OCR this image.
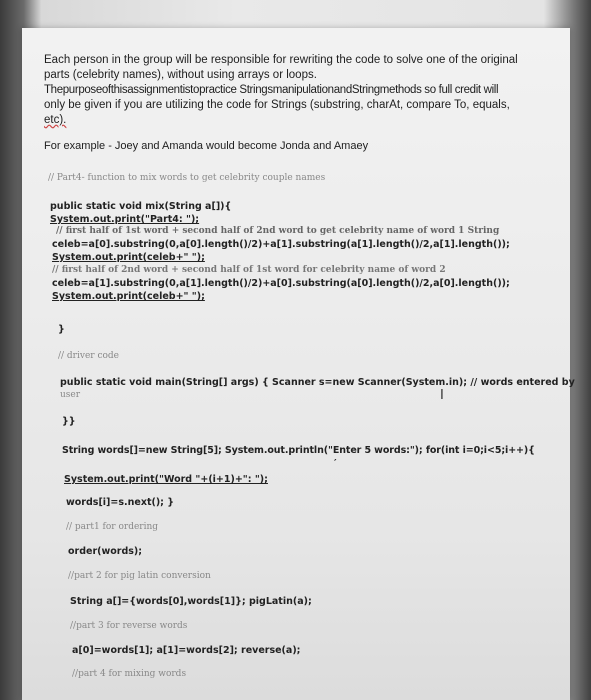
Each person in the group will be responsible for rewriting the code to solve one of the original
parts (celebrity names), without using arrays or loops.
Thepurposeofthisassignmentistopractice StringsmanipulationandStringmethods so full credit will
only be given if you are utilizing the code for Strings (substring, charAt, compare To, equals,
etc).
For example - Joey and Amanda would become Jonda and Amaey
// Part4- function to mix words to get celebrity couple names
public static void mix(String a[]){
System.out.print("Part4: ");
// first half of 1st word + second half of 2nd word to get celebrity name of word 1 String
celeb=a[0].substring(0,a[0].length()/2)+a[1].substring(a[1].length()/2,a[1].length());
System.out.print(celeb+" ");
// first half of 2nd word + second half of 1st word for celebrity name of word 2
celeb=a[1].substring(0,a[1].length()/2)+a[0].substring(a[0].length()/2,a[0].length());
System.out.print(celeb+" ");
}
// driver code
public static void main(String[] args) { Scanner s=new Scanner(System.in); // words entered by
user
}}
String words[]=new String[5]; System.out.println("Enter 5 words:"); for(int i=0;i<5;i++){
System.out.print("Word "+(i+1)+": ");
words[i]=s.next(); }
// part1 for ordering
order(words);
//part 2 for pig latin conversion
String a[]={words[0],words[1]}; pigLatin(a);
//part 3 for reverse words
a[0]=words[1]; a[1]=words[2]; reverse(a);
//part 4 for mixing words
I
′
